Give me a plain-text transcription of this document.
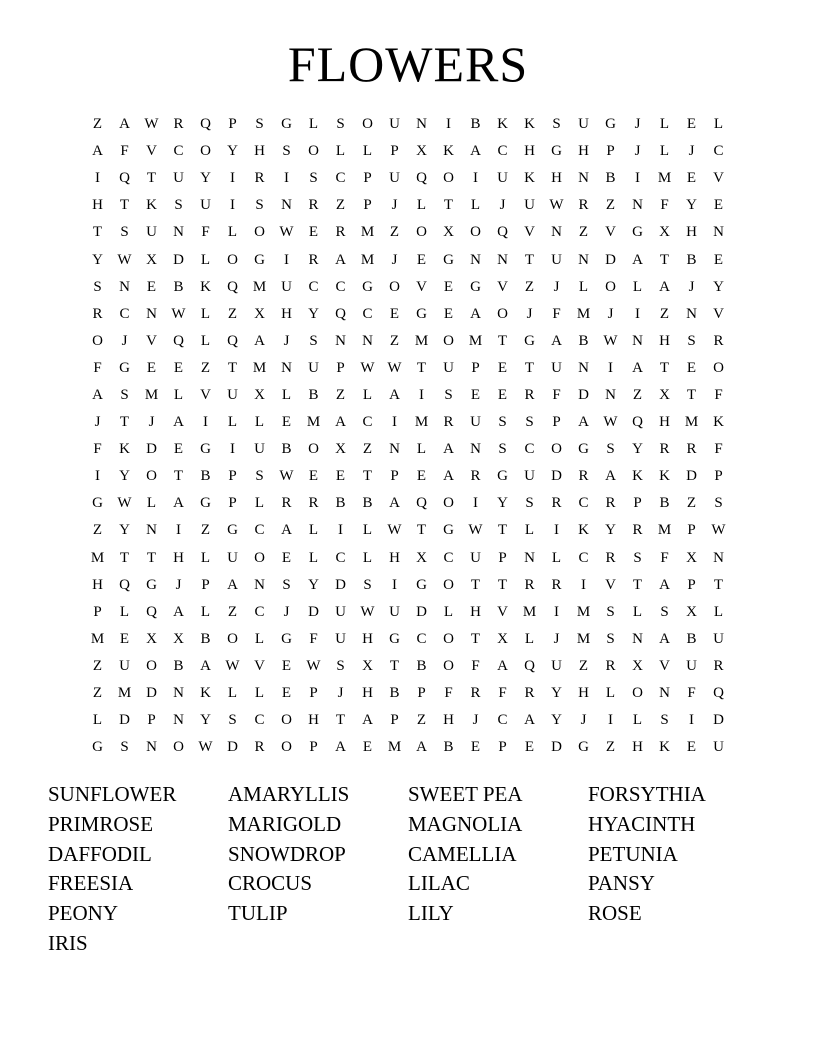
FLOWERS
Z	A W R	Q	P	S	G	L	S	O	U	N	I	B	K	K	S	U	G	J	L	E	L
A	F	V	C	O	Y	H	S	O	L	L	P	X	K	A	C	H	G	H	P	J	L	J	C
I	Q	T	U	Y	I	R	I	S	C	P	U	Q	O	I	U	K	H	N	B	I	M	E	V
H	T	K	S	U	I	S	N	R	Z	P	J	L	T	L	J	U W R	Z	N	F	Y	E
T	S	U	N	F	L	O W	E	R	M	Z	O	X	O	Q	V	N	Z	V	G	X	H	N
Y W X	D	L	O	G	I	R	A M	J	E	G	N	N	T	U	N	D	A	T	B	E
S	N	E	B	K	Q M U	C	C	G	O	V	E	G	V	Z	J	L	O	L	A	J	Y
R	C	N W	L	Z	X	H	Y	Q	C	E	G	E	A	O	J	F	M	J	I	Z	N	V
O	J	V	Q	L	Q	A	J	S	N	N	Z	M O M	T	G	A	B W N	H	S	R
F	G	E	E	Z	T	M N	U	P	W W	T	U	P	E	T	U	N	I	A	T	E	O
A	S	M	L	V	U	X	L	B	Z	L	A	I	S	E	E	R	F	D	N	Z	X	T	F
J	T	J	A	I	L	L	E	M A	C	I	M	R	U	S	S	P	A W Q	H M K
F	K	D	E	G	I	U	B	O	X	Z	N	L	A	N	S	C	O	G	S	Y	R	R	F
I	Y	O	T	B	P	S	W	E	E	T	P	E	A	R	G	U	D	R	A	K	K	D	P
G W	L	A	G	P	L	R	R	B	B	A	Q	O	I	Y	S	R	C	R	P	B	Z	S
Z	Y	N	I	Z	G	C	A	L	I	L	W	T	G W	T	L	I	K	Y	R	M	P	W
M	T	T	H	L	U	O	E	L	C	L	H	X	C	U	P	N	L	C	R	S	F	X	N
H	Q	G	J	P	A	N	S	Y	D	S	I	G	O	T	T	R	R	I	V	T	A	P	T
P	L	Q	A	L	Z	C	J	D	U W U	D	L	H	V M	I	M	S	L	S	X	L
M	E	X	X	B	O	L	G	F	U	H	G	C	O	T	X	L	J	M	S	N	A	B	U
Z	U	O	B	A W V	E	W	S	X	T	B	O	F	A	Q	U	Z	R	X	V	U	R
Z	M D	N	K	L	L	E	P	J	H	B	P	F	R	F	R	Y	H	L	O	N	F	Q
L	D	P	N	Y	S	C	O	H	T	A	P	Z	H	J	C	A	Y	J	I	L	S	I	D
G	S	N	O W D	R	O	P	A	E	M A	B	E	P	E	D	G	Z	H	K	E	U
SUNFLOWER
PRIMROSE
DAFFODIL
FREESIA
PEONY
IRIS
AMARYLLIS
MARIGOLD
SNOWDROP
CROCUS
TULIP
SWEET PEA
MAGNOLIA
CAMELLIA
LILAC
LILY
FORSYTHIA
HYACINTH
PETUNIA
PANSY
ROSE
